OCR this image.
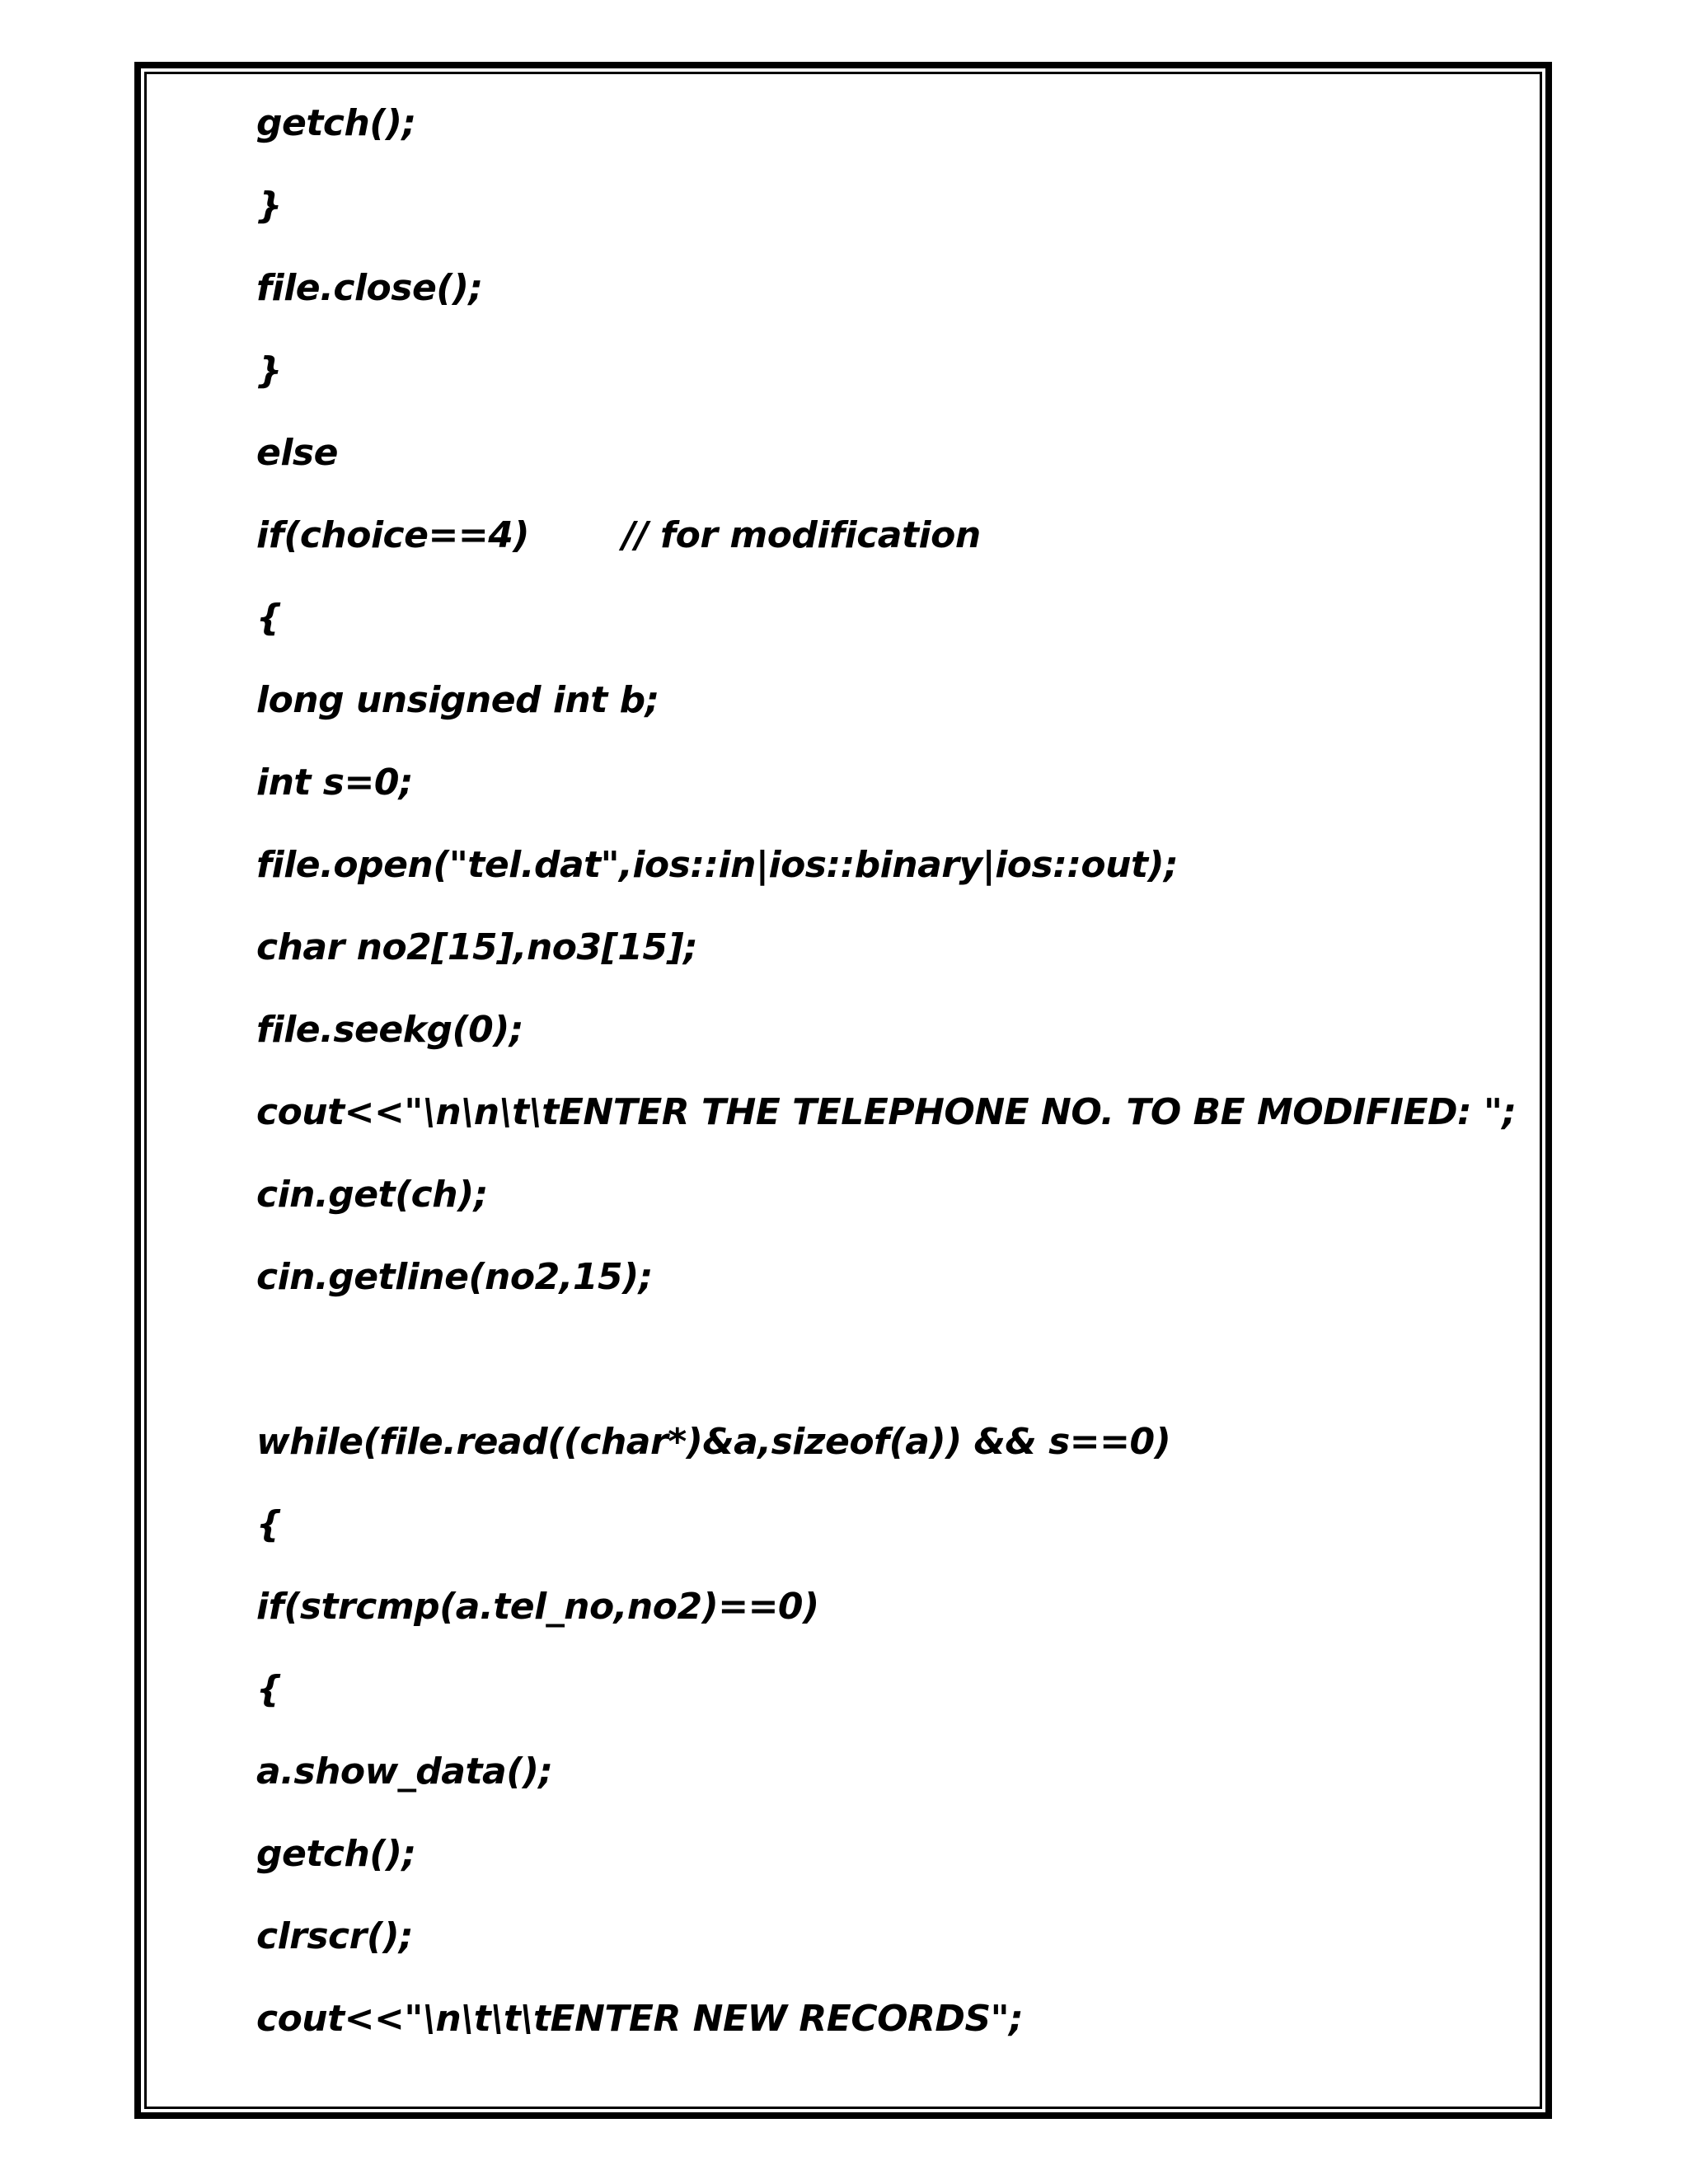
getch();
}
file.close();
}
else
if(choice==4)	// for modification
{
long unsigned int b;
int s=0;
file.open("tel.dat",ios::in|ios::binary|ios::out);
char no2[15],no3[15];
file.seekg(0);
cout<<"\n\n\t\tENTER THE TELEPHONE NO. TO BE MODIFIED: ";
cin.get(ch);
cin.getline(no2,15);
while(file.read((char*)&a,sizeof(a)) && s==0)
{
if(strcmp(a.tel_no,no2)==0)
{
a.show_data();
getch();
clrscr();
cout<<"\n\t\t\tENTER NEW RECORDS";
